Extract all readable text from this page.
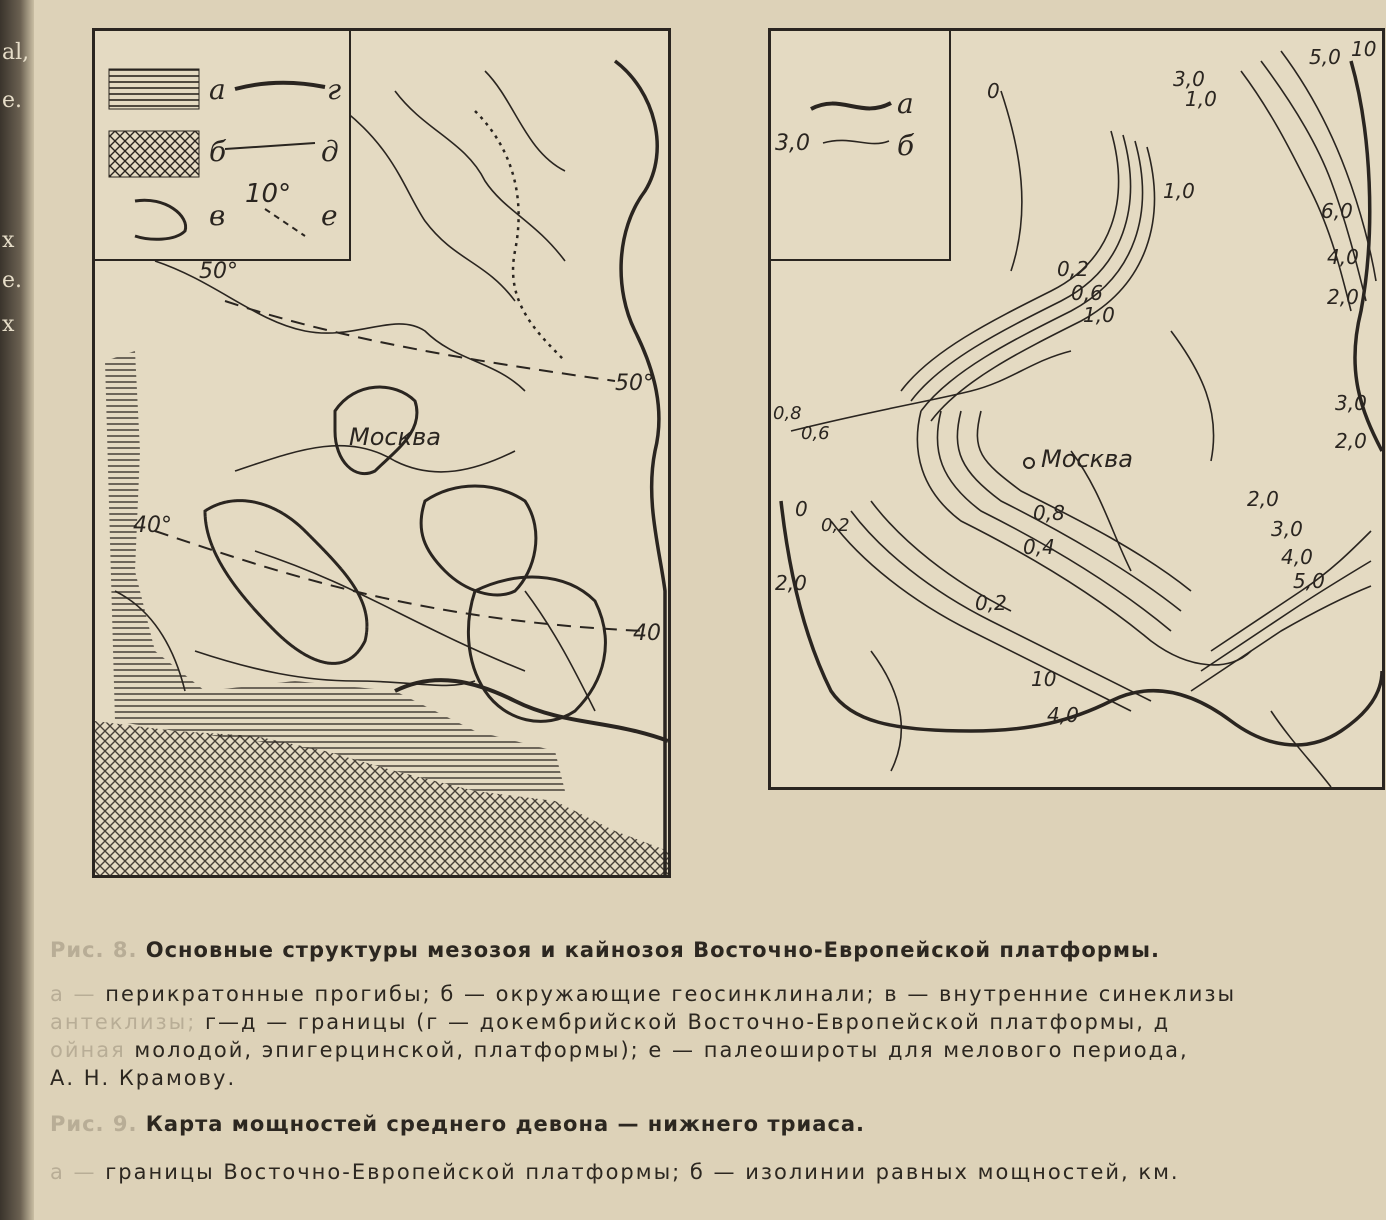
al,
e.
x
e.
x
а	г
б	д
в
10°
е
Москва
50°
50°
40°
40
а
3,0	б
Москва
0
0,2
0,6
1,0
1,0
3,0
1,0
5,0 10
6,0
4,0
2,0
3,0
2,0
2,0
3,0
4,0
5,0
0,8
0,4
0,2
10
4,0
0,8
0,6
0
0,2
2,0
Рис. 8. Основные структуры мезозоя и кайнозоя Восточно-Европейской платформы.
а — перикратонные прогибы; б — окружающие геосинклинали; в — внутренние синеклизы
антеклизы; г—д — границы (г — докембрийской Восточно-Европейской платформы, д
ойная молодой, эпигерцинской, платформы); е — палеошироты для мелового периода,
А. Н. Крамову.
Рис. 9. Карта мощностей среднего девона — нижнего триаса.
а — границы Восточно-Европейской платформы; б — изолинии равных мощностей, км.
